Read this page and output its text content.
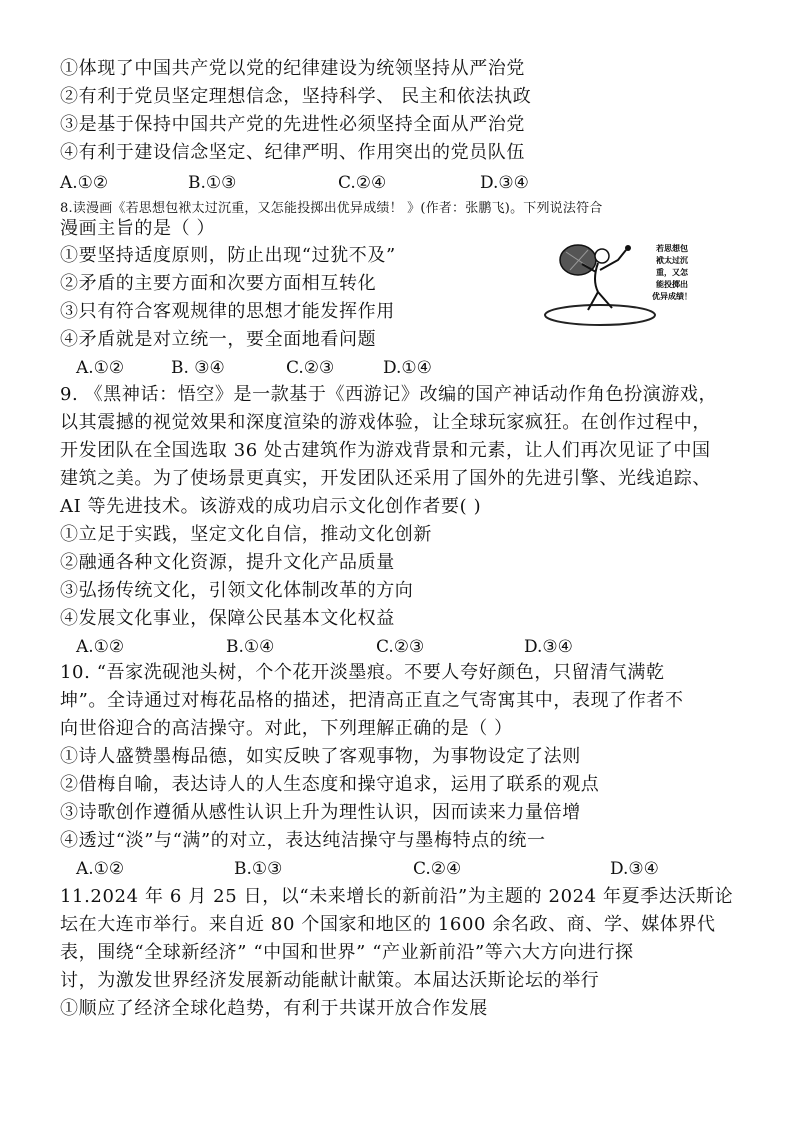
①体现了中国共产党以党的纪律建设为统领坚持从严治党
②有利于党员坚定理想信念，坚持科学、 民主和依法执政
③是基于保持中国共产党的先进性必须坚持全面从严治党
④有利于建设信念坚定、纪律严明、作用突出的党员队伍
A.①②	B.①③	C.②④	D.③④
8.读漫画《若思想包袱太过沉重，又怎能投掷出优异成绩！ 》(作者：张鹏飞)。下列说法符合
漫画主旨的是（ ）
①要坚持适度原则，防止出现“过犹不及”
②矛盾的主要方面和次要方面相互转化
③只有符合客观规律的思想才能发挥作用
④矛盾就是对立统一，要全面地看问题
A.①②	B. ③④	C.②③	D.①④
若思想包
袱太过沉
重，又怎
能投掷出
优异成绩！
9. 《黑神话：悟空》是一款基于《西游记》改编的国产神话动作角色扮演游戏，
以其震撼的视觉效果和深度渲染的游戏体验，让全球玩家疯狂。在创作过程中，
开发团队在全国选取 36 处古建筑作为游戏背景和元素，让人们再次见证了中国
建筑之美。为了使场景更真实，开发团队还采用了国外的先进引擎、光线追踪、
AI 等先进技术。该游戏的成功启示文化创作者要( )
①立足于实践，坚定文化自信，推动文化创新
②融通各种文化资源，提升文化产品质量
③弘扬传统文化，引领文化体制改革的方向
④发展文化事业，保障公民基本文化权益
A.①②	B.①④	C.②③	D.③④
10. “吾家洗砚池头树，个个花开淡墨痕。不要人夸好颜色，只留清气满乾
坤”。全诗通过对梅花品格的描述，把清高正直之气寄寓其中，表现了作者不
向世俗迎合的高洁操守。对此，下列理解正确的是（ ）
①诗人盛赞墨梅品德，如实反映了客观事物，为事物设定了法则
②借梅自喻，表达诗人的人生态度和操守追求，运用了联系的观点
③诗歌创作遵循从感性认识上升为理性认识，因而读来力量倍增
④透过“淡”与“满”的对立，表达纯洁操守与墨梅特点的统一
A.①②	B.①③	C.②④	D.③④
11.2024 年 6 月 25 日，以“未来增长的新前沿”为主题的 2024 年夏季达沃斯论
坛在大连市举行。来自近 80 个国家和地区的 1600 余名政、商、学、媒体界代
表，围绕“全球新经济” “中国和世界” “产业新前沿”等六大方向进行探
讨，为激发世界经济发展新动能献计献策。本届达沃斯论坛的举行
①顺应了经济全球化趋势，有利于共谋开放合作发展
